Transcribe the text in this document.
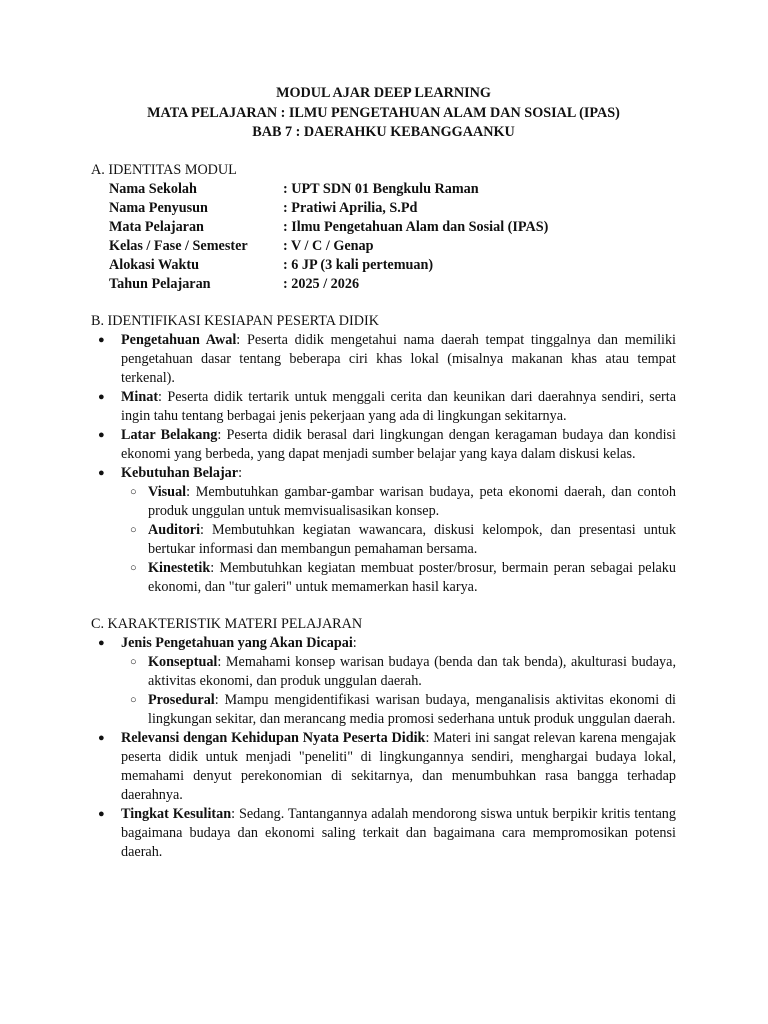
MODUL AJAR DEEP LEARNING
MATA PELAJARAN : ILMU PENGETAHUAN ALAM DAN SOSIAL (IPAS)
BAB 7 : DAERAHKU KEBANGGAANKU
A. IDENTITAS MODUL
Nama Sekolah	: UPT SDN 01 Bengkulu Raman
Nama Penyusun	: Pratiwi Aprilia, S.Pd
Mata Pelajaran	: Ilmu Pengetahuan Alam dan Sosial (IPAS)
Kelas / Fase / Semester	: V / C / Genap
Alokasi Waktu	: 6 JP (3 kali pertemuan)
Tahun Pelajaran	: 2025 / 2026
B. IDENTIFIKASI KESIAPAN PESERTA DIDIK
● Pengetahuan Awal: Peserta didik mengetahui nama daerah tempat tinggalnya dan memiliki pengetahuan dasar tentang beberapa ciri khas lokal (misalnya makanan khas atau tempat terkenal).
● Minat: Peserta didik tertarik untuk menggali cerita dan keunikan dari daerahnya sendiri, serta ingin tahu tentang berbagai jenis pekerjaan yang ada di lingkungan sekitarnya.
● Latar Belakang: Peserta didik berasal dari lingkungan dengan keragaman budaya dan kondisi ekonomi yang berbeda, yang dapat menjadi sumber belajar yang kaya dalam diskusi kelas.
● Kebutuhan Belajar:
○ Visual: Membutuhkan gambar-gambar warisan budaya, peta ekonomi daerah, dan contoh produk unggulan untuk memvisualisasikan konsep.
○ Auditori: Membutuhkan kegiatan wawancara, diskusi kelompok, dan presentasi untuk bertukar informasi dan membangun pemahaman bersama.
○ Kinestetik: Membutuhkan kegiatan membuat poster/brosur, bermain peran sebagai pelaku ekonomi, dan "tur galeri" untuk memamerkan hasil karya.
C. KARAKTERISTIK MATERI PELAJARAN
● Jenis Pengetahuan yang Akan Dicapai:
○ Konseptual: Memahami konsep warisan budaya (benda dan tak benda), akulturasi budaya, aktivitas ekonomi, dan produk unggulan daerah.
○ Prosedural: Mampu mengidentifikasi warisan budaya, menganalisis aktivitas ekonomi di lingkungan sekitar, dan merancang media promosi sederhana untuk produk unggulan daerah.
● Relevansi dengan Kehidupan Nyata Peserta Didik: Materi ini sangat relevan karena mengajak peserta didik untuk menjadi "peneliti" di lingkungannya sendiri, menghargai budaya lokal, memahami denyut perekonomian di sekitarnya, dan menumbuhkan rasa bangga terhadap daerahnya.
● Tingkat Kesulitan: Sedang. Tantangannya adalah mendorong siswa untuk berpikir kritis tentang bagaimana budaya dan ekonomi saling terkait dan bagaimana cara mempromosikan potensi daerah.
